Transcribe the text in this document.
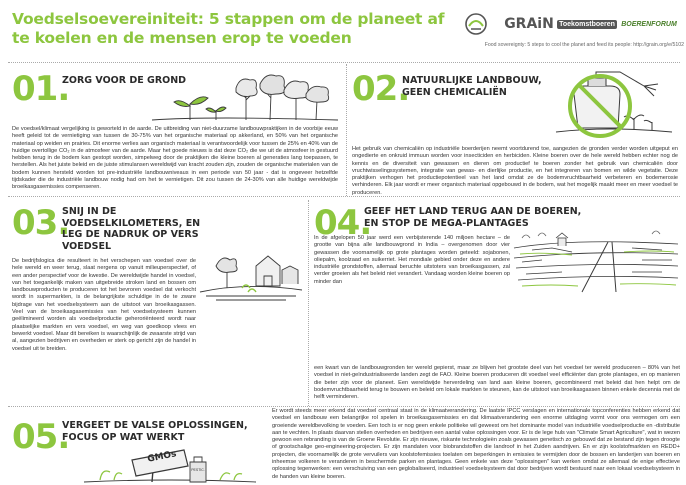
Voedselsoevereiniteit: 5 stappen om de planeet af te koelen en de mensen erop te voeden
GRAiN Toekomstboeren BOERENFORUM
Food sovereignty: 5 steps to cool the planet and feed its people: http://grain.org/e/5102
01.
ZORG VOOR DE GROND
De voedsel/klimaat vergelijking is geworteld in de aarde. De uitbreiding van niet-duurzame landbouwpraktijken in de voorbije eeuw heeft geleid tot de vernietiging van tussen de 30-75% van het organische materiaal op akkerland, en 50% van het organische materiaal op weiden en prairies. Dit enorme verlies aan organisch materiaal is verantwoordelijk voor tussen de 25% en 40% van de huidige overtollige CO₂ in de atmosfeer van de aarde. Maar het goede nieuws is dat deze CO₂ die we uit de atmosfeer in gestuurd hebben terug in de bodem kan gestopt worden, simpelweg door de praktijken die kleine boeren al generaties lang toepassen, te herstellen. Als het juiste beleid en de juiste stimulansen wereldwijd van kracht zouden zijn, zouden de organische materialen van de bodem kunnen hersteld worden tot pre-industriële landbouwniveaus in een periode van 50 jaar - dat is ongeveer hetzelfde tijdskader die de industriële landbouw nodig had om het te vernietigen. Dit zou tussen de 24-30% van alle huidige wereldwijde broeikasgasemissies compenseren.
02.
NATUURLIJKE LANDBOUW, GEEN CHEMICALIËN
Het gebruik van chemicaliën op industriële boerderijen neemt voortdurend toe, aangezien de gronden verder worden uitgeput en ongedierte en onkruid immuun worden voor insecticiden en herbiciden. Kleine boeren over de hele wereld hebben echter nog de kennis en de diversiteit van gewassen en dieren om productief te boeren zonder het gebruik van chemicaliën door vruchtwisselingssystemen, integratie van gewas- en dierlijke productie, en het integreren van bomen en wilde vegetatie. Deze praktijken verhogen het productiepotentieel van het land omdat ze de bodemvruchtbaarheid verbeteren en bodemerosie verhinderen. Elk jaar wordt er meer organisch materiaal opgebouwd in de bodem, wat het mogelijk maakt meer en meer voedsel te produceren.
03.
SNIJ IN DE VOEDSELKILOMETERS, EN LEG DE NADRUK OP VERS VOEDSEL
De bedrijfslogica die resulteert in het verschepen van voedsel over de hele wereld en weer terug, slaat nergens op vanuit milieuperspectief, of een ander perspectief voor de kwestie. De wereldwijde handel in voedsel, van het toegankelijk maken van uitgebreide stroken land en bossen om landbouwproducten te produceren tot het bevroren voedsel dat verkocht wordt in supermarkten, is de belangrijkste schuldige in de te zware bijdrage van het voedselsysteem aan de uitstoot van broeikasgassen. Veel van de broeikasgasemissies van het voedselsysteem kunnen geëlimineerd worden als voedselproductie geheroriënteerd wordt naar plaatselijke markten en vers voedsel, en weg van goedkoop vlees en bewerkt voedsel. Maar dit bereiken is waarschijnlijk de zwaarste strijd van al, aangezien bedrijven en overheden er sterk op gericht zijn de handel in voedsel uit te breiden.
04.
GEEF HET LAND TERUG AAN DE BOEREN, EN STOP DE MEGA-PLANTAGES
In de afgelopen 50 jaar werd een verbijsterende 140 miljoen hectare – de grootte van bijna alle landbouwgrond in India – overgenomen door vier gewassen die voornamelijk op grote plantages worden geteeld: sojabonen, oliepalm, koolzaad en suikerriet. Het mondiale gebied onder deze en andere industriële grondstoffen, allemaal beruchte uitstoters van broeikasgassen, zal verder groeien als het beleid niet verandert. Vandaag worden kleine boeren op minder dan
een kwart van de landbouwgronden ter wereld gepierst, maar ze blijven het grootste deel van het voedsel ter wereld produceren – 80% van het voedsel in niet-geïndustrialiseerde landen zegt de FAO. Kleine boeren produceren dit voedsel veel efficiënter dan grote plantages, en op manieren die beter zijn voor de planeet. Een wereldwijde herverdeling van land aan kleine boeren, gecombineerd met beleid dat hen helpt om de bodemvruchtbaarheid terug te bouwen en beleid om lokale markten te steunen, kan de uitstoot van broeikasgassen binnen enkele decennia met de helft verminderen.
05.
VERGEET DE VALSE OPLOSSINGEN, FOCUS OP WAT WERKT
GMOs
PESTIC.
Er wordt steeds meer erkend dat voedsel centraal staat in de klimaatverandering. De laatste IPCC verslagen en internationale topconferenties hebben erkend dat voedsel en landbouw een belangrijke rol spelen in broeikasgasemissies en dat klimaatverandering een enorme uitdaging vormt voor ons vermogen om een groeiende wereldbevolking te voeden. Een toch is er nog geen enkele politieke wil geweest om het dominante model van industriële voedselproductie en -distributie aan te vechten. In plaats daarvan stellen overheden en bedrijven een aantal valse oplossingen voor. Er is de lege huls van "Climate Smart Agriculture", wat in wezen gewoon een rebranding is van de Groene Revolutie. Er zijn nieuwe, riskante technologieën zoals gewassen genetisch zo gebouwd dat ze bestand zijn tegen droogte of grootschalige geo-engineering-projecten. Er zijn mandaten voor biobrandstoffen die landroof in het Zuiden aandrijven. En er zijn koolstofmarkten en REDD+ projecten, die voornamelijk de grote vervuilers van koolstofemissies toelaten om beperkingen in emissies te vermijden door de bossen en landerijen van boeren en inheemse volkeren te veranderen in beschermde parken en plantages. Geen enkele van deze "oplossingen" kan werken omdat ze allemaal de enige effectieve oplossing tegenwerken: een verschuiving van een geglobaliseerd, industrieel voedselsysteem dat door bedrijven wordt bestuurd naar een lokaal voedselsysteem in de handen van kleine boeren.
